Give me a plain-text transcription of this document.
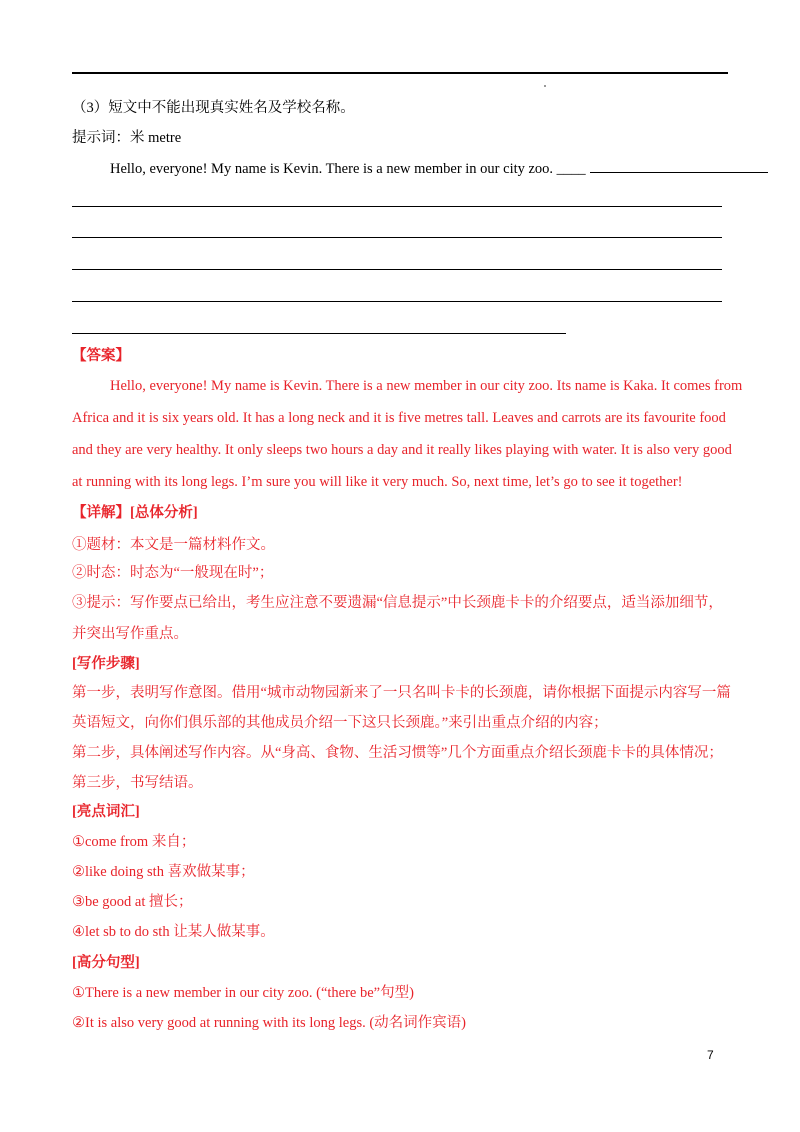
（3）短文中不能出现真实姓名及学校名称。
提示词：米 metre
Hello, everyone! My name is Kevin. There is a new member in our city zoo. ____
【答案】
Hello, everyone! My name is Kevin. There is a new member in our city zoo. Its name is Kaka. It comes from
Africa and it is six years old. It has a long neck and it is five metres tall. Leaves and carrots are its favourite food
and they are very healthy. It only sleeps two hours a day and it really likes playing with water. It is also very good
at running with its long legs. I’m sure you will like it very much. So, next time, let’s go to see it together!
【详解】[总体分析]
①题材：本文是一篇材料作文。
②时态：时态为“一般现在时”；
③提示：写作要点已给出，考生应注意不要遗漏“信息提示”中长颈鹿卡卡的介绍要点，适当添加细节，
并突出写作重点。
[写作步骤]
第一步，表明写作意图。借用“城市动物园新来了一只名叫卡卡的长颈鹿，请你根据下面提示内容写一篇
英语短文，向你们俱乐部的其他成员介绍一下这只长颈鹿。”来引出重点介绍的内容；
第二步，具体阐述写作内容。从“身高、食物、生活习惯等”几个方面重点介绍长颈鹿卡卡的具体情况；
第三步，书写结语。
[亮点词汇]
①come from 来自；
②like doing sth 喜欢做某事；
③be good at 擅长；
④let sb to do sth 让某人做某事。
[高分句型]
①There is a new member in our city zoo. (“there be”句型)
②It is also very good at running with its long legs. (动名词作宾语)
7
